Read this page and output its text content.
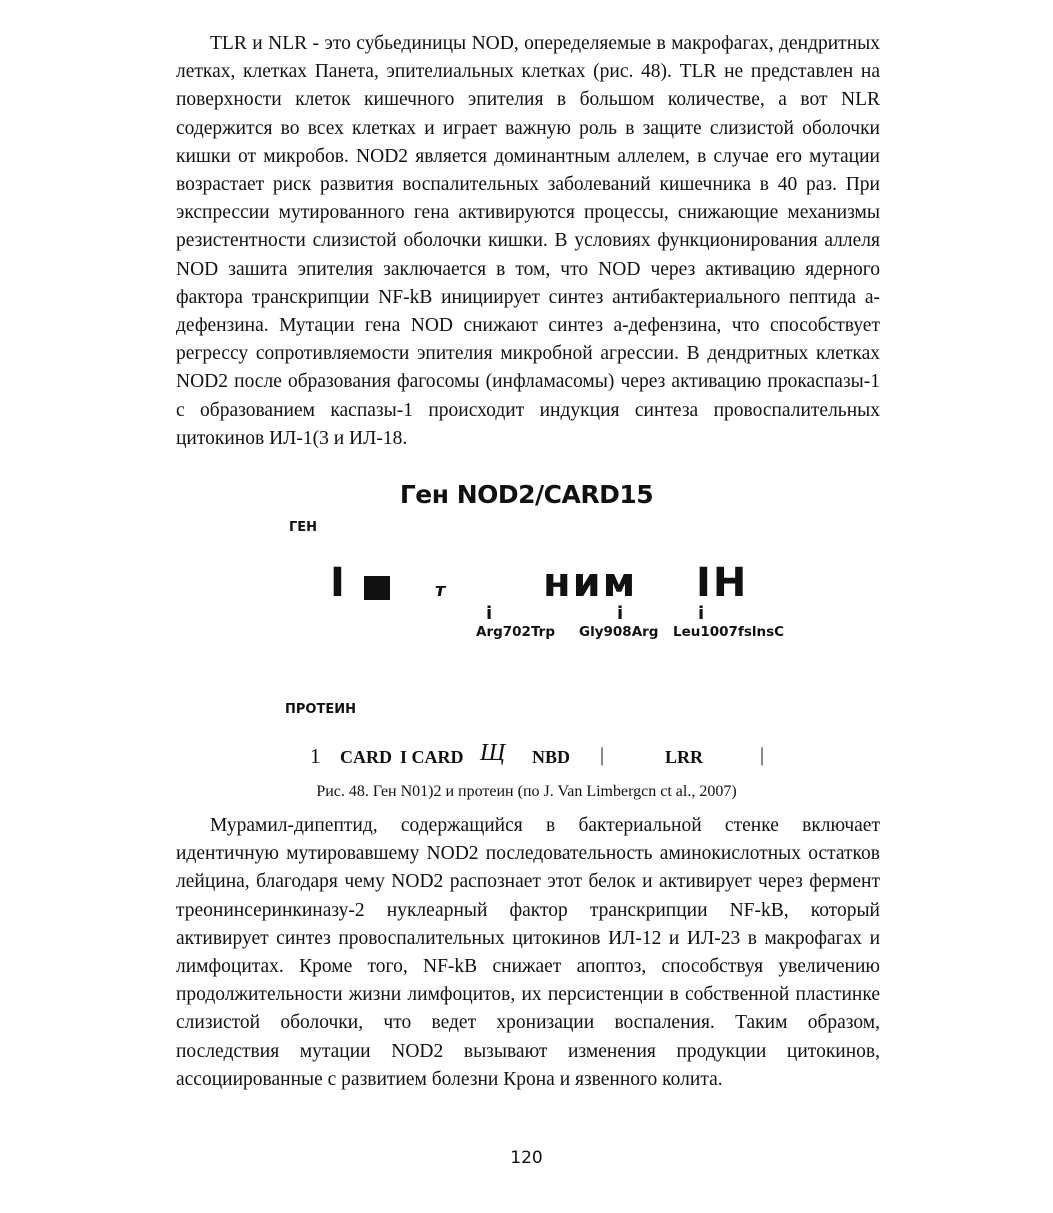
TLR и NLR - это субьединицы NOD, опеределяемые в макрофагах, дендритных летках, клетках Панета, эпителиальных клетках (рис. 48). TLR не представлен на поверхности клеток кишечного эпителия в большом количестве, а вот NLR содержится во всех клетках и играет важную роль в защите слизистой оболочки кишки от микробов. NOD2 является доминантным аллелем, в случае его мутации возрастает риск развития воспалительных заболеваний кишечника в 40 раз. При экспрессии мутированного гена активируются процессы, снижающие механизмы резистентности слизистой оболочки кишки. В условиях функционирования аллеля NOD зашита эпителия заключается в том, что NOD через активацию ядерного фактора транскрипции NF-kB инициирует синтез антибактериального пептида а-дефензина. Мутации гена NOD снижают синтез а-дефензина, что способствует регрессу сопротивляемости эпителия микробной агрессии. В дендритных клетках NOD2 после образования фагосомы (инфламасомы) через активацию прокаспазы-1 с образованием каспазы-1 происходит индукция синтеза провоспалительных цитокинов ИЛ-1(3 и ИЛ-18.

Ген NOD2/CARD15
ГЕН
I	т ним IН
i	i	i
Arg702Trp Gly908Arg Leu1007fslnsC
ПРОТЕИН
1 CARD I CARD Щ NBD |	LRR	|
Рис. 48. Ген N01)2 и протеин (по J. Van Limbergcn ct al., 2007)

Мурамил-дипептид, содержащийся в бактериальной стенке включает идентичную мутировавшему NOD2 последовательность аминокислотных остатков лейцина, благодаря чему NOD2 распознает этот белок и активирует через фермент треонинсеринкиназу-2 нуклеарный фактор транскрипции NF-kB, который активирует синтез провоспалительных цитокинов ИЛ-12 и ИЛ-23 в макрофагах и лимфоцитах. Кроме того, NF-kB снижает апоптоз, способствуя увеличению продолжительности жизни лимфоцитов, их персистенции в собственной пластинке слизистой оболочки, что ведет хронизации воспаления. Таким образом, последствия мутации NOD2 вызывают изменения продукции цитокинов, ассоциированные с развитием болезни Крона и язвенного колита.

120
